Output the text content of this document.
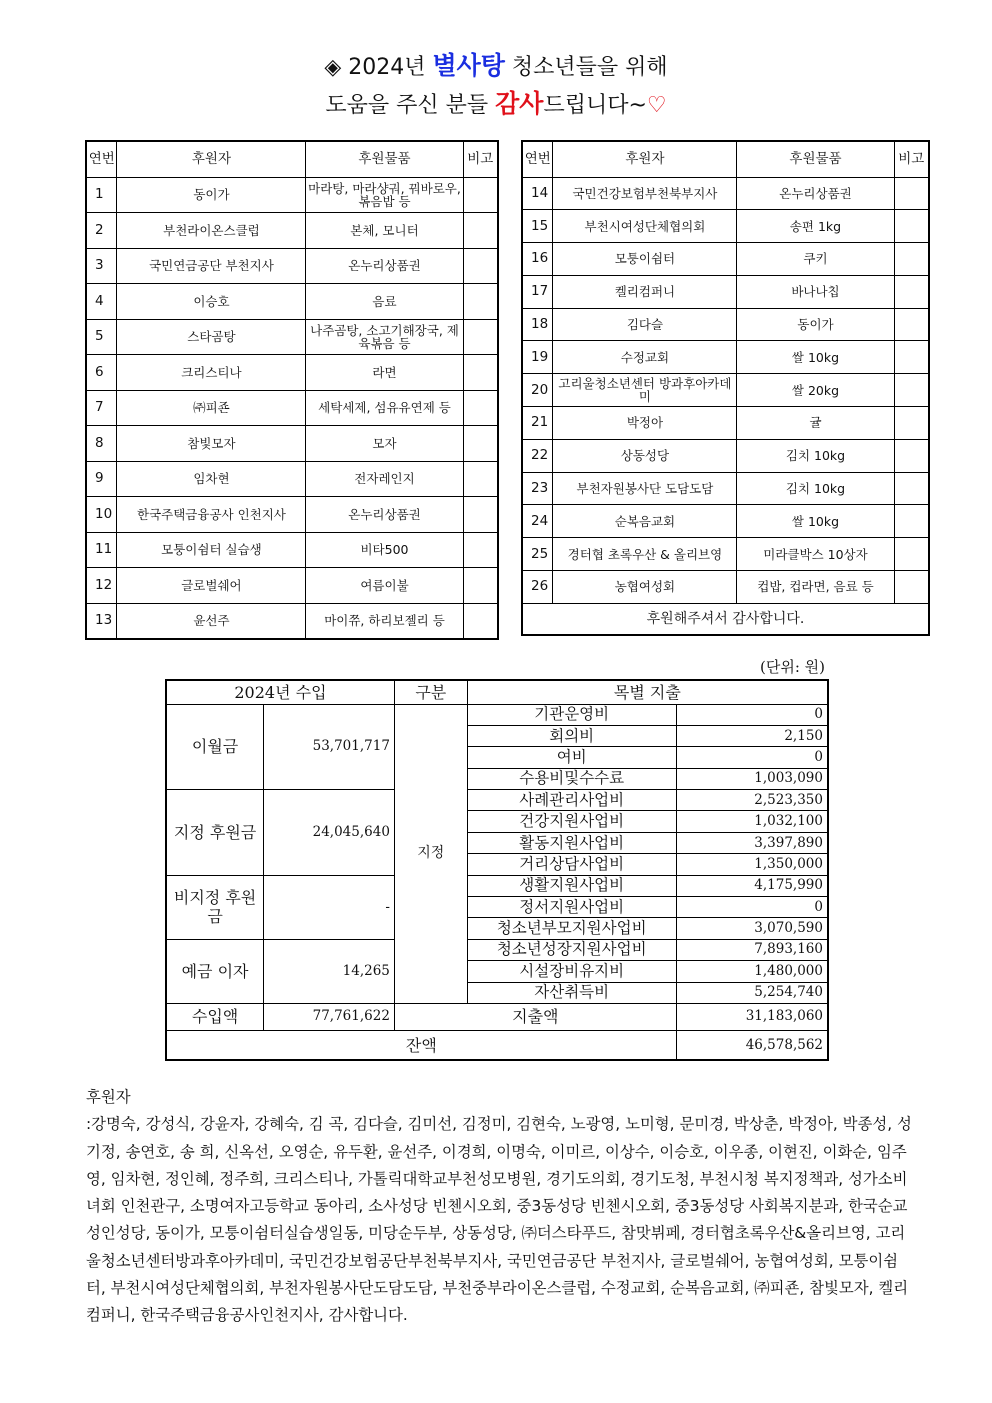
◈ 2024년 별사탕 청소년들을 위해
도움을 주신 분들 감사드립니다~♡
연번	후원자	후원물품	비고
1	동이가	마라탕, 마라샹궈, 꿔바로우, 볶음밥 등	
2	부천라이온스클럽	본체, 모니터	
3	국민연금공단 부천지사	온누리상품권	
4	이승호	음료	
5	스타곰탕	나주곰탕, 소고기해장국, 제육볶음 등	
6	크리스티나	라면	
7	㈜피죤	세탁세제, 섬유유연제 등	
8	참빛모자	모자	
9	임차현	전자레인지	
10	한국주택금융공사 인천지사	온누리상품권	
11	모퉁이쉼터 실습생	비타500	
12	글로벌쉐어	여름이불	
13	윤선주	마이쮸, 하리보젤리 등	
연번	후원자	후원물품	비고
14	국민건강보험부천북부지사	온누리상품권	
15	부천시여성단체협의회	송편 1kg	
16	모퉁이쉼터	쿠키	
17	켈리컴퍼니	바나나칩	
18	김다슬	동이가	
19	수정교회	쌀 10kg	
20	고리울청소년센터 방과후아카데미	쌀 20kg	
21	박정아	귤	
22	상동성당	김치 10kg	
23	부천자원봉사단 도담도담	김치 10kg	
24	순복음교회	쌀 10kg	
25	경터협 초록우산 & 올리브영	미라클박스 10상자	
26	농협여성회	컵밥, 컵라면, 음료 등	
후원해주셔서 감사합니다.			
(단위: 원)
2024년 수입		구분	목별 지출	
이월금	53,701,717	지정	기관운영비	0
			회의비	2,150
			여비	0
			수용비및수수료	1,003,090
지정 후원금	24,045,640		사례관리사업비	2,523,350
			건강지원사업비	1,032,100
			활동지원사업비	3,397,890
			거리상담사업비	1,350,000
비지정 후원금	-		생활지원사업비	4,175,990
			정서지원사업비	0
			청소년부모지원사업비	3,070,590
예금 이자	14,265		청소년성장지원사업비	7,893,160
			시설장비유지비	1,480,000
			자산취득비	5,254,740
수입액	77,761,622	지출액		31,183,060
잔액				46,578,562
후원자
:강명숙, 강성식, 강윤자, 강혜숙, 김 곡, 김다슬, 김미선, 김정미, 김현숙, 노광영, 노미형, 문미경, 박상춘, 박정아, 박종성, 성기정, 송연호, 송 희, 신옥선, 오영순, 유두환, 윤선주, 이경희, 이명숙, 이미르, 이상수, 이승호, 이우종, 이현진, 이화순, 임주영, 임차현, 정인혜, 정주희, 크리스티나, 가톨릭대학교부천성모병원, 경기도의회, 경기도청, 부천시청 복지정책과, 성가소비녀회 인천관구, 소명여자고등학교 동아리, 소사성당 빈첸시오회, 중3동성당 빈첸시오회, 중3동성당 사회복지분과, 한국순교성인성당, 동이가, 모퉁이쉼터실습생일동, 미당순두부, 상동성당, ㈜더스타푸드, 참맛뷔페, 경터협초록우산&올리브영, 고리울청소년센터방과후아카데미, 국민건강보험공단부천북부지사, 국민연금공단 부천지사, 글로벌쉐어, 농협여성회, 모퉁이쉼터, 부천시여성단체협의회, 부천자원봉사단도담도담, 부천중부라이온스클럽, 수정교회, 순복음교회, ㈜피죤, 참빛모자, 켈리컴퍼니, 한국주택금융공사인천지사, 감사합니다.
